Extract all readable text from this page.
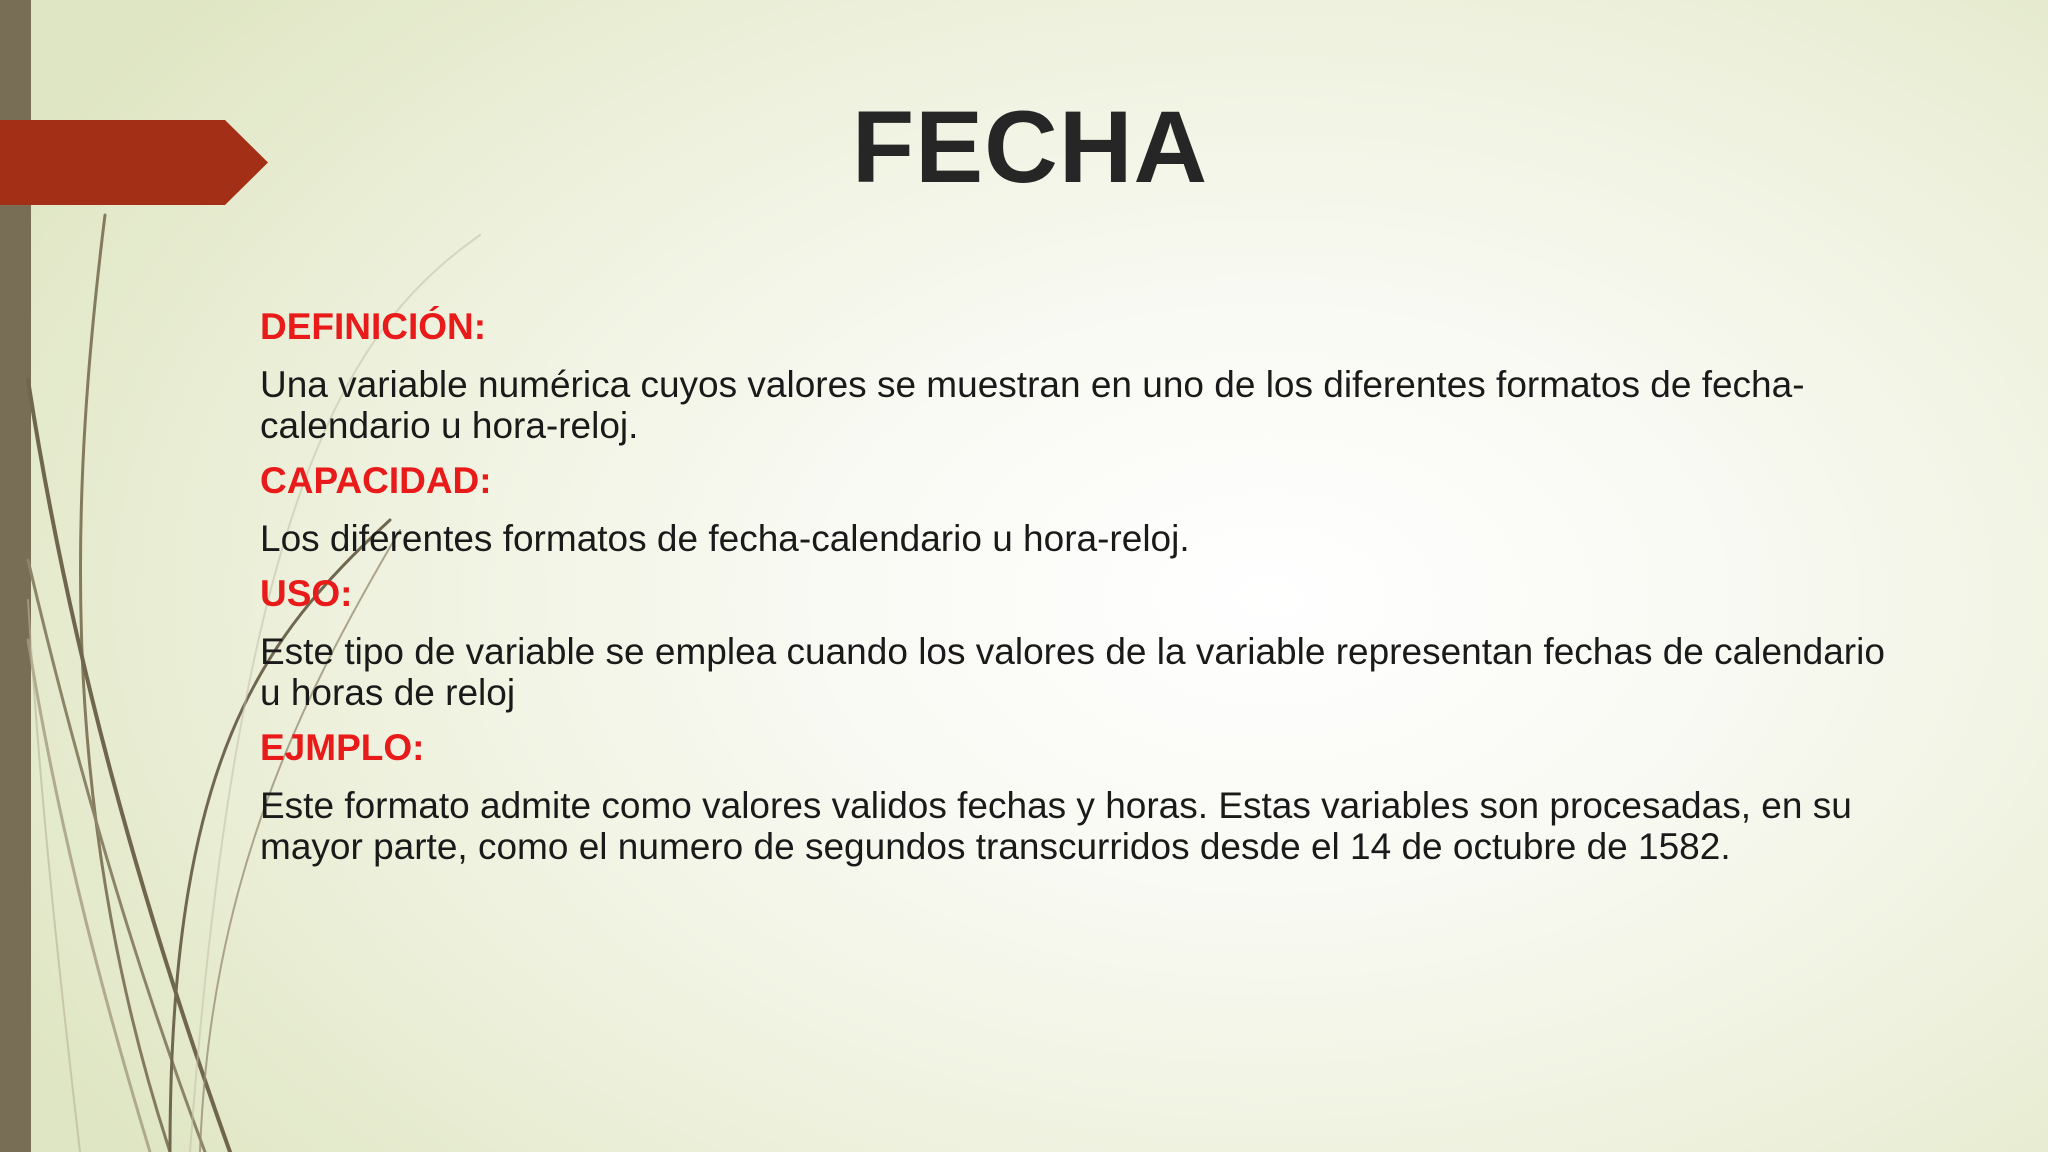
FECHA
DEFINICIÓN:
Una variable numérica cuyos valores se muestran en uno de los diferentes formatos de fecha-calendario u hora-reloj.
CAPACIDAD:
Los diferentes formatos de fecha-calendario u hora-reloj.
USO:
Este tipo de variable se emplea cuando los valores de la variable representan fechas de calendario u horas de reloj
EJMPLO:
Este formato admite como valores validos fechas y horas. Estas variables son procesadas, en su mayor parte, como el numero de segundos transcurridos desde el 14 de octubre de 1582.
